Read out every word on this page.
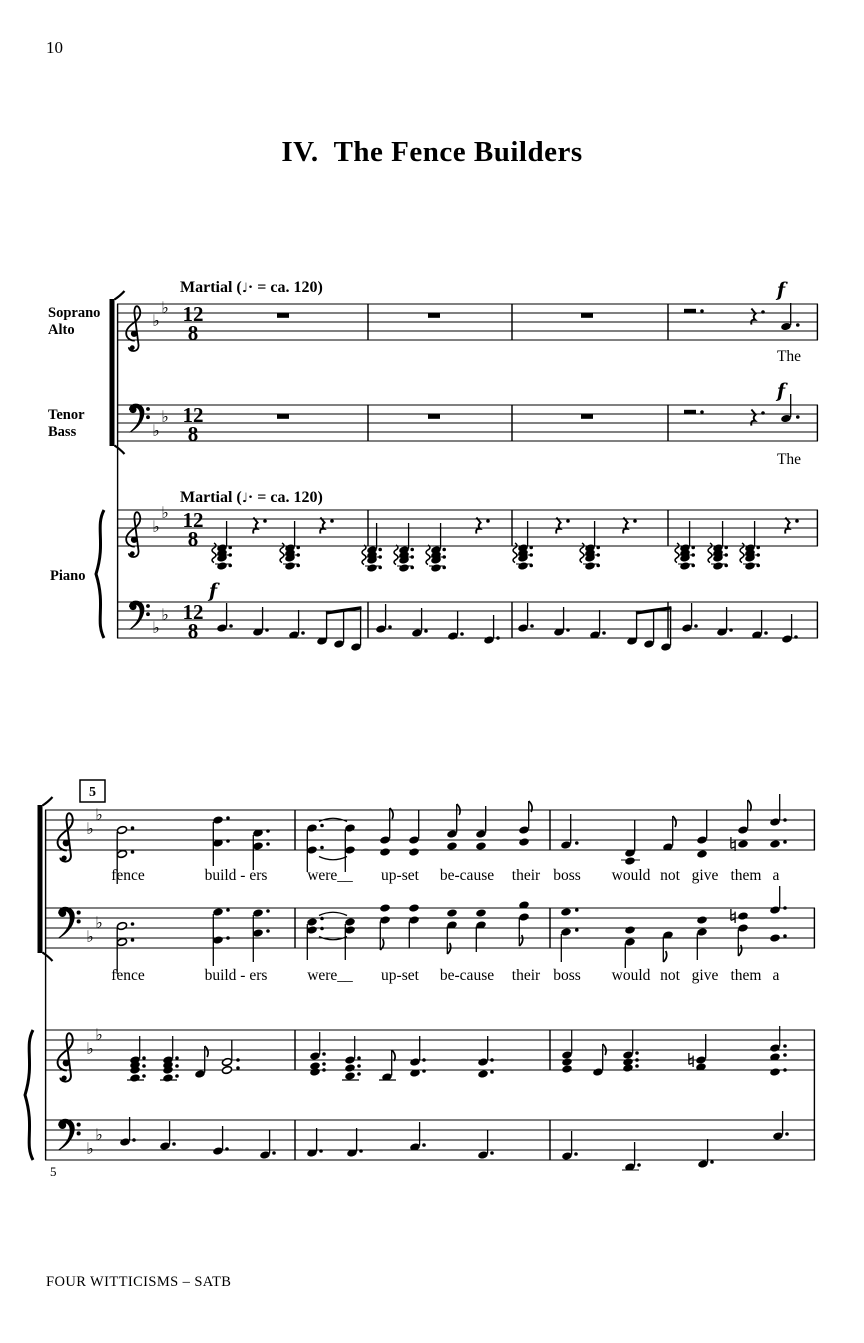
10
IV.  The Fence Builders
♭
♭
♭
♭
♭
♭
♭
♭
12
8
12
8
12
8
12
8
Soprano
Alto
Tenor
Bass
Piano
Martial (♩· = ca. 120)
Martial (♩· = ca. 120)
f
f
f
The
The
5
♭
♭
♭
♭
♭
♭
♭
♭
fence	build - ers	were__ up-set be-cause their boss would not give them a
fence	build - ers	were__ up-set be-cause their boss would not give them a
5
FOUR WITTICISMS – SATB
